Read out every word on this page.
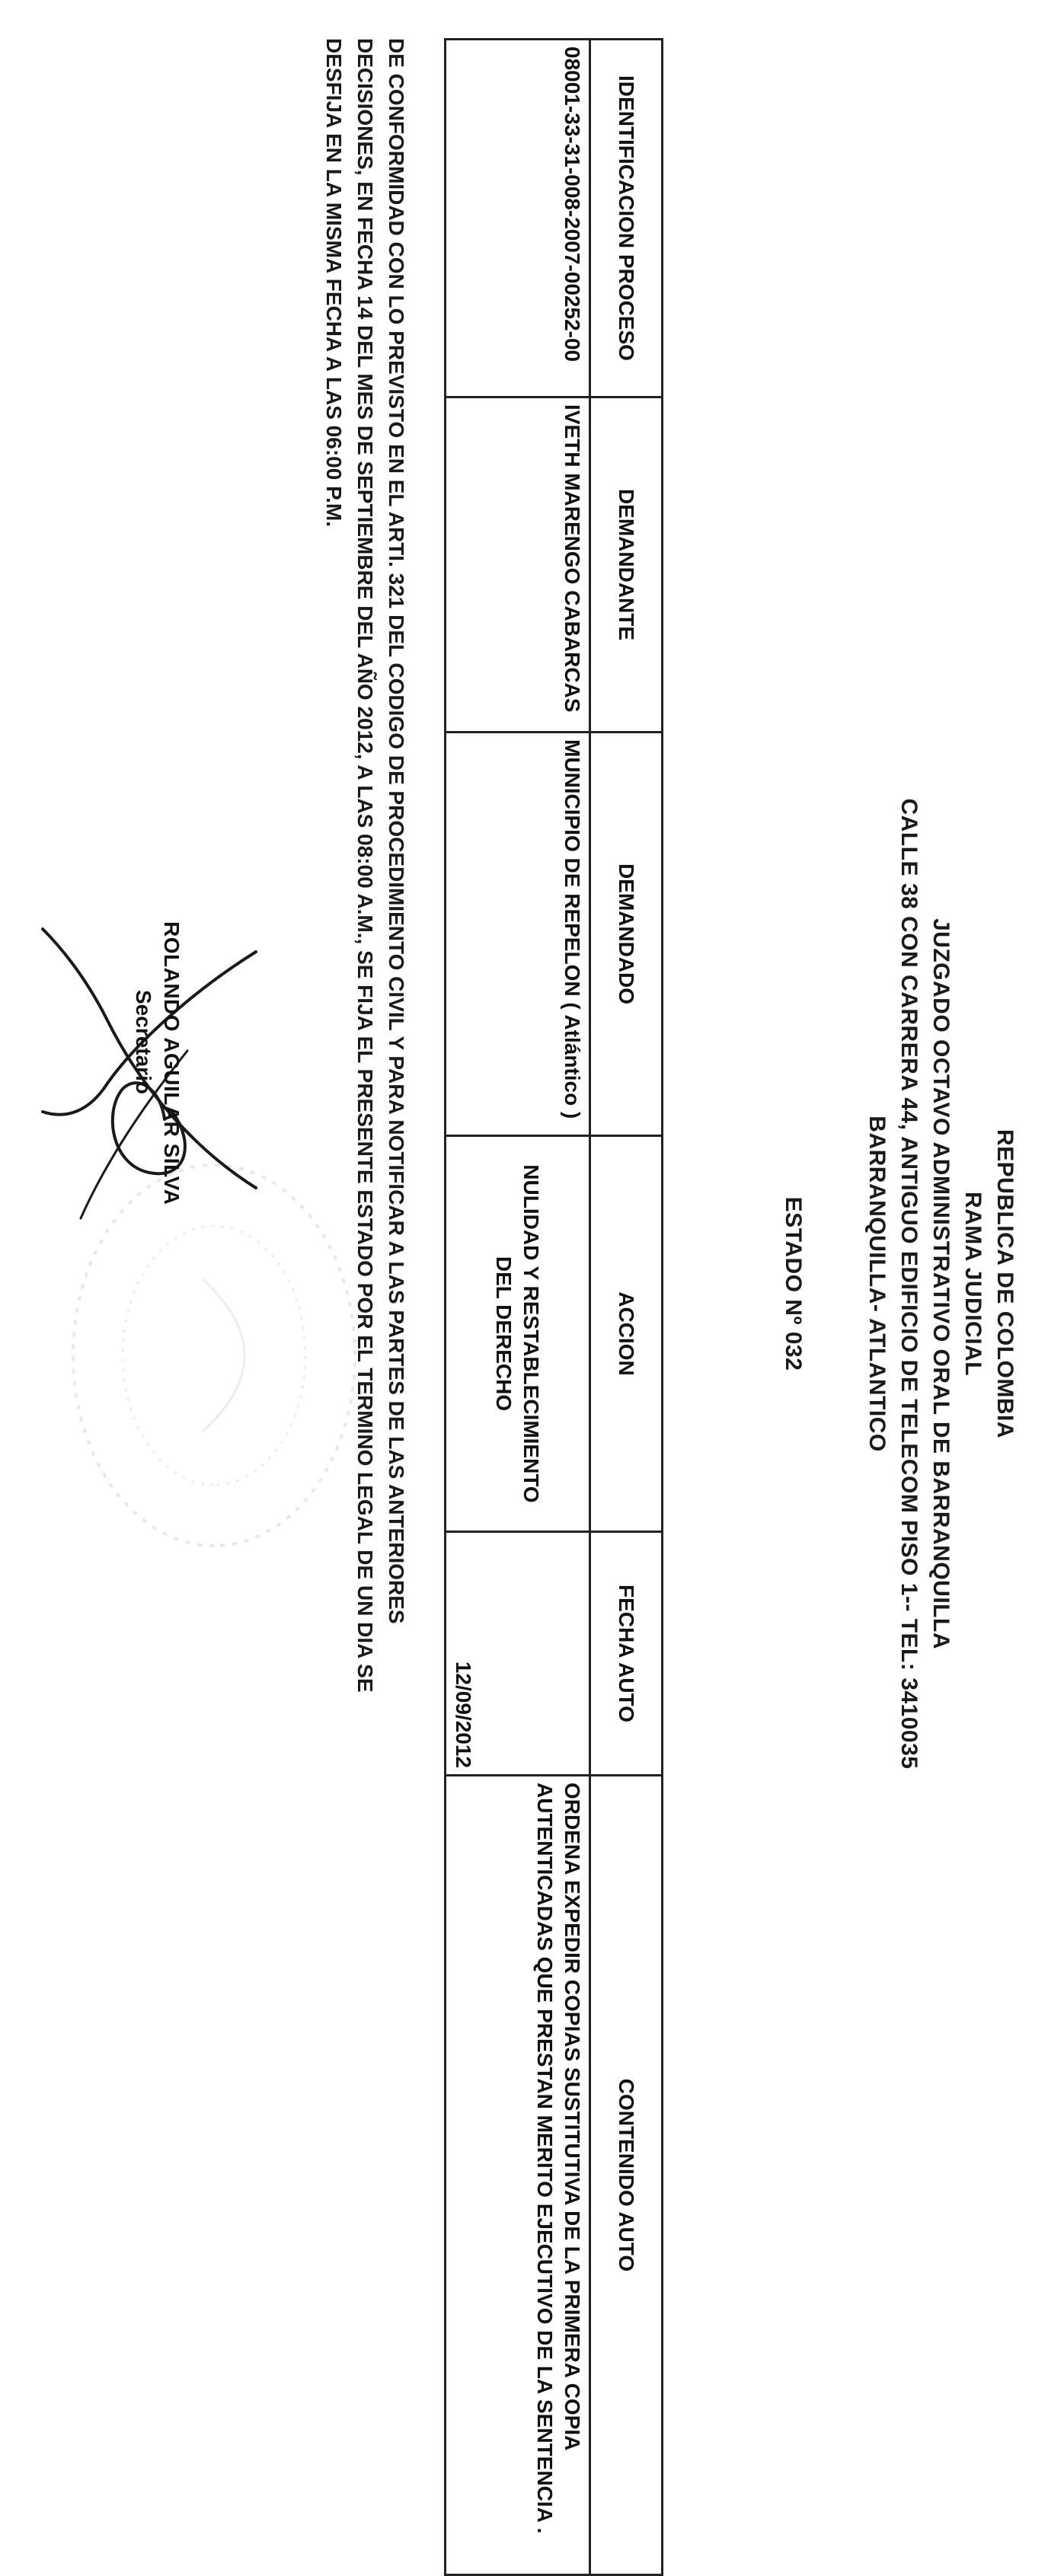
REPUBLICA DE COLOMBIA
RAMA JUDICIAL
JUZGADO OCTAVO ADMINISTRATIVO ORAL DE BARRANQUILLA
CALLE 38 CON CARRERA 44, ANTIGUO EDIFICIO DE TELECOM PISO 1-- TEL: 3410035
BARRANQUILLA- ATLANTICO
ESTADO Nº 032
IDENTIFICACION PROCESO	DEMANDANTE	DEMANDADO	ACCION	FECHA AUTO	CONTENIDO AUTO
08001-33-31-008-2007-00252-00	IVETH MARENGO CABARCAS	MUNICIPIO DE REPELON ( Atlántico )	NULIDAD Y RESTABLECIMIENTO DEL DERECHO	12/09/2012	ORDENA EXPEDIR COPIAS SUSTITUTIVA DE LA PRIMERA COPIA AUTENTICADAS QUE PRESTAN MERITO EJECUTIVO DE LA SENTENCIA .

DE CONFORMIDAD CON LO PREVISTO EN EL ARTI. 321 DEL CODIGO DE PROCEDIMIENTO CIVIL Y PARA NOTIFICAR A LAS PARTES DE LAS ANTERIORES

DECISIONES, EN FECHA 14 DEL MES DE SEPTIEMBRE DEL AÑO 2012, A LAS 08:00 A.M., SE FIJA EL PRESENTE ESTADO POR EL TERMINO LEGAL DE UN DIA SE

DESFIJA EN LA MISMA FECHA A LAS 06:00 P.M.

ROLANDO AGUILAR SILVA
Secretario
